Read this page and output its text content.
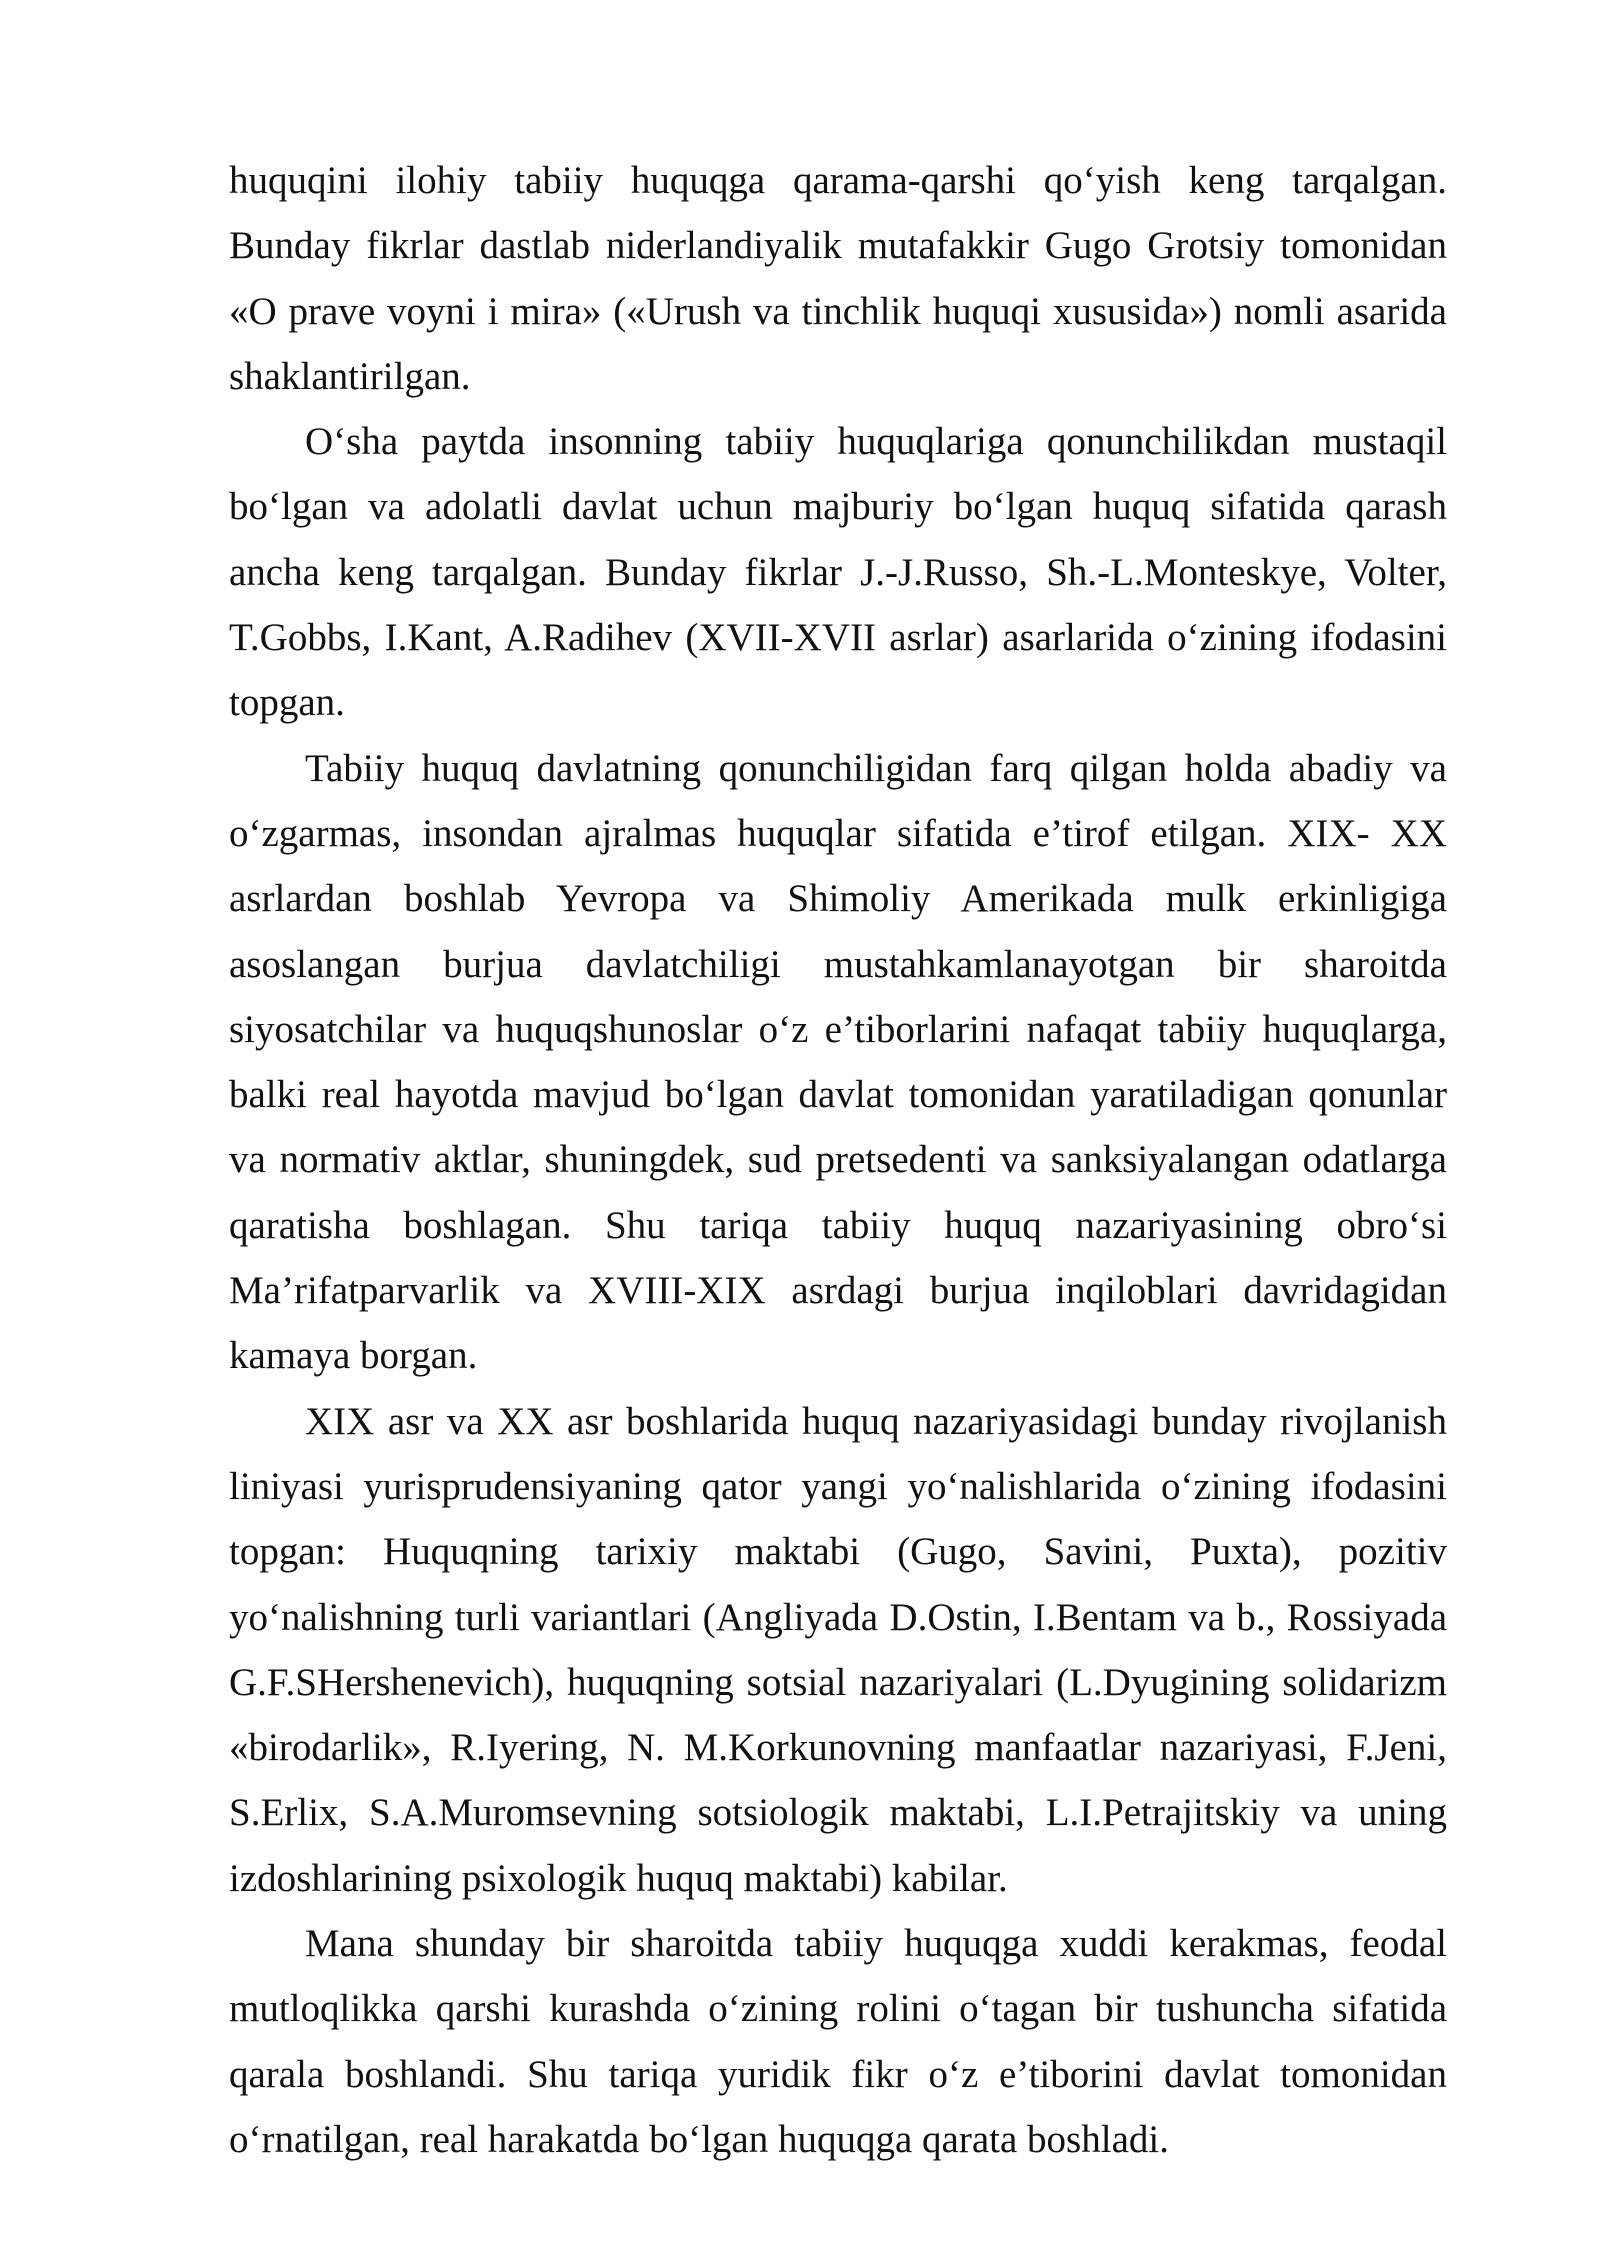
huquqini ilohiy tabiiy huquqga qarama-qarshi qo‘yish keng tarqalgan. Bunday fikrlar dastlab niderlandiyalik mutafakkir Gugo Grotsiy tomonidan «O prave voyni i mira» («Urush va tinchlik huquqi xususida») nomli asarida shaklantirilgan.

O‘sha paytda insonning tabiiy huquqlariga qonunchilikdan mustaqil bo‘lgan va adolatli davlat uchun majburiy bo‘lgan huquq sifatida qarash ancha keng tarqalgan. Bunday fikrlar J.-J.Russo, Sh.-L.Monteskye, Volter, T.Gobbs, I.Kant, A.Radihev (XVII-XVII asrlar) asarlarida o‘zining ifodasini topgan.

Tabiiy huquq davlatning qonunchiligidan farq qilgan holda abadiy va o‘zgarmas, insondan ajralmas huquqlar sifatida e’tirof etilgan. XIX- XX asrlardan boshlab Yevropa va Shimoliy Amerikada mulk erkinligiga asoslangan burjua davlatchiligi mustahkamlanayotgan bir sharoitda siyosatchilar va huquqshunoslar o‘z e’tiborlarini nafaqat tabiiy huquqlarga, balki real hayotda mavjud bo‘lgan davlat tomonidan yaratiladigan qonunlar va normativ aktlar, shuningdek, sud pretsedenti va sanksiyalangan odatlarga qaratisha boshlagan. Shu tariqa tabiiy huquq nazariyasining obro‘si Ma’rifatparvarlik va XVIII-XIX asrdagi burjua inqiloblari davridagidan kamaya borgan.

XIX asr va XX asr boshlarida huquq nazariyasidagi bunday rivojlanish liniyasi yurisprudensiyaning qator yangi yo‘nalishlarida o‘zining ifodasini topgan: Huquqning tarixiy maktabi (Gugo, Savini, Puxta), pozitiv yo‘nalishning turli variantlari (Angliyada D.Ostin, I.Bentam va b., Rossiyada G.F.SHershenevich), huquqning sotsial nazariyalari (L.Dyugining solidarizm «birodarlik», R.Iyering, N. M.Korkunovning manfaatlar nazariyasi, F.Jeni, S.Erlix, S.A.Muromsevning sotsiologik maktabi, L.I.Petrajitskiy va uning izdoshlarining psixologik huquq maktabi) kabilar.

Mana shunday bir sharoitda tabiiy huquqga xuddi kerakmas, feodal mutloqlikka qarshi kurashda o‘zining rolini o‘tagan bir tushuncha sifatida qarala boshlandi. Shu tariqa yuridik fikr o‘z e’tiborini davlat tomonidan o‘rnatilgan, real harakatda bo‘lgan huquqga qarata boshladi.
